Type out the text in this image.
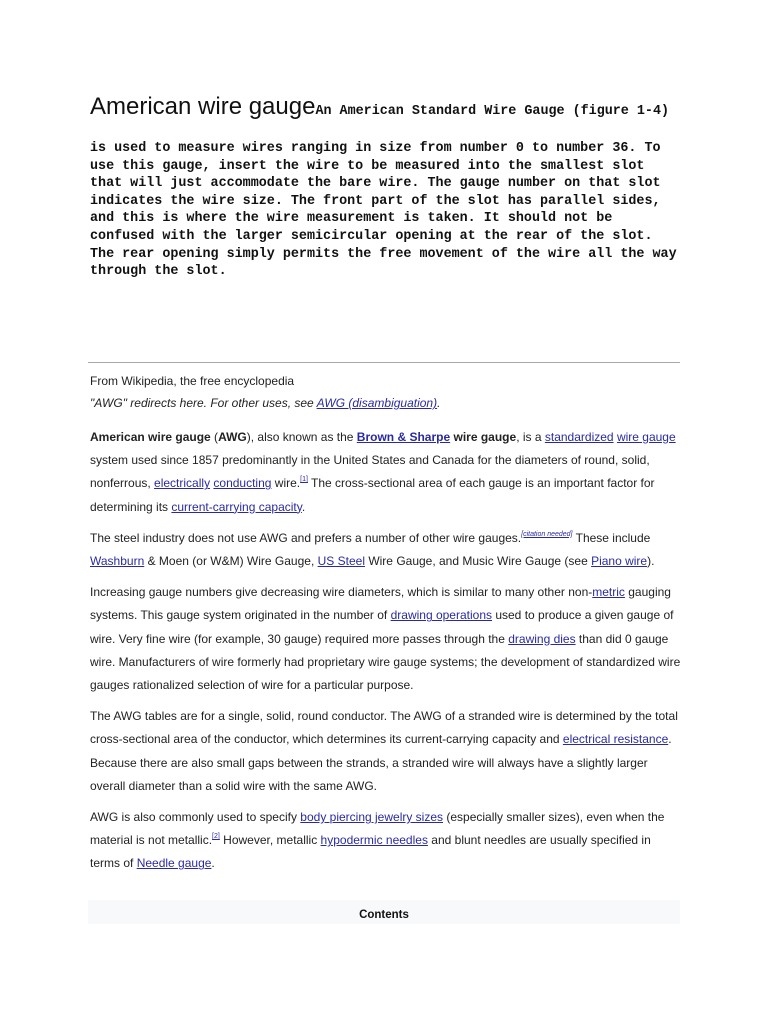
American wire gaugeAn American Standard Wire Gauge (figure 1-4)
is used to measure wires ranging in size from number 0 to number 36. To use this gauge, insert the wire to be measured into the smallest slot that will just accommodate the bare wire. The gauge number on that slot indicates the wire size. The front part of the slot has parallel sides, and this is where the wire measurement is taken. It should not be confused with the larger semicircular opening at the rear of the slot. The rear opening simply permits the free movement of the wire all the way through the slot.

From Wikipedia, the free encyclopedia

"AWG" redirects here. For other uses, see AWG (disambiguation).

American wire gauge (AWG), also known as the Brown & Sharpe wire gauge, is a standardized wire gauge system used since 1857 predominantly in the United States and Canada for the diameters of round, solid, nonferrous, electrically conducting wire.[1] The cross-sectional area of each gauge is an important factor for determining its current-carrying capacity.

The steel industry does not use AWG and prefers a number of other wire gauges.[citation needed] These include Washburn & Moen (or W&M) Wire Gauge, US Steel Wire Gauge, and Music Wire Gauge (see Piano wire).

Increasing gauge numbers give decreasing wire diameters, which is similar to many other non-metric gauging systems. This gauge system originated in the number of drawing operations used to produce a given gauge of wire. Very fine wire (for example, 30 gauge) required more passes through the drawing dies than did 0 gauge wire. Manufacturers of wire formerly had proprietary wire gauge systems; the development of standardized wire gauges rationalized selection of wire for a particular purpose.

The AWG tables are for a single, solid, round conductor. The AWG of a stranded wire is determined by the total cross-sectional area of the conductor, which determines its current-carrying capacity and electrical resistance. Because there are also small gaps between the strands, a stranded wire will always have a slightly larger overall diameter than a solid wire with the same AWG.

AWG is also commonly used to specify body piercing jewelry sizes (especially smaller sizes), even when the material is not metallic.[2] However, metallic hypodermic needles and blunt needles are usually specified in terms of Needle gauge.

Contents
